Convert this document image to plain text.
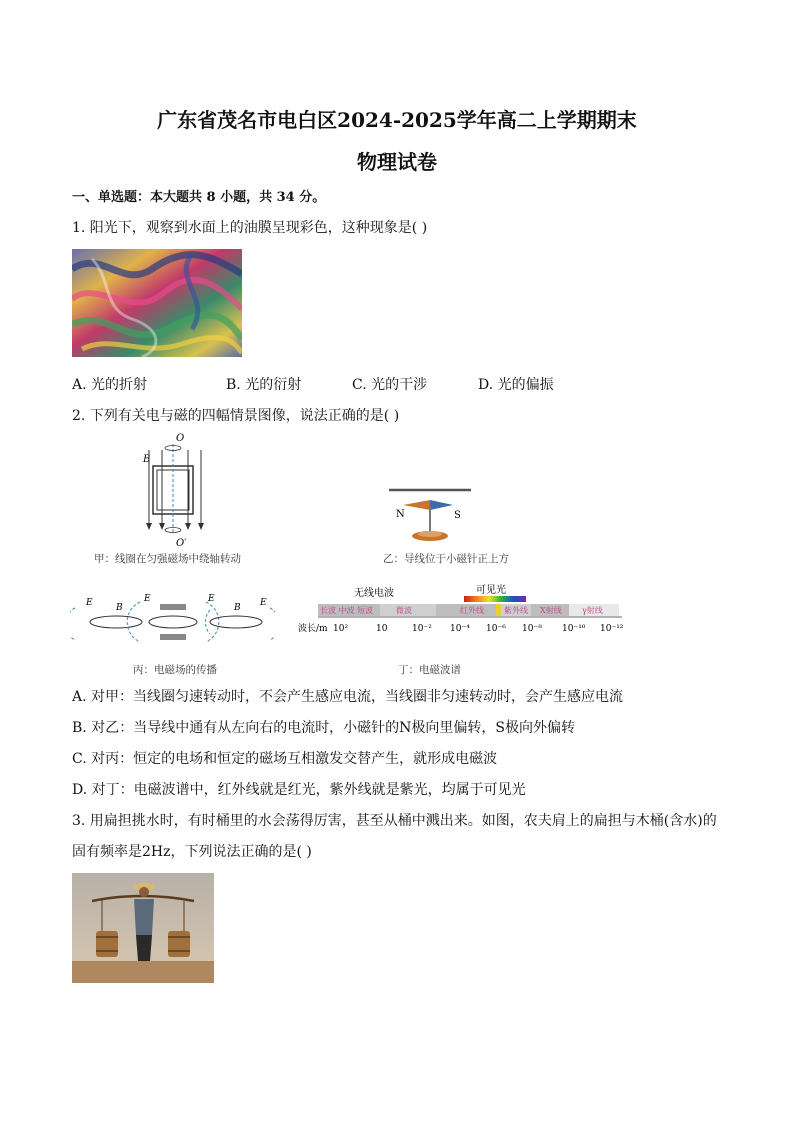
广东省茂名市电白区2024-2025学年高二上学期期末
物理试卷
一、单选题：本大题共 8 小题，共 34 分。
1. 阳光下，观察到水面上的油膜呈现彩色，这种现象是( )
A. 光的折射	B. 光的衍射	C. 光的干涉	D. 光的偏振
2. 下列有关电与磁的四幅情景图像，说法正确的是( )
O
B
O′
甲：线圈在匀强磁场中绕轴转动
N	S
乙：导线位于小磁针正上方
E	B
E	E
B E
丙：电磁场的传播
无线电波	可见光
长波 中波 短波	微波	红外线	紫外线 X射线	γ射线
波长/m 10²	10	10⁻² 10⁻⁴ 10⁻⁶ 10⁻⁸ 10⁻¹⁰ 10⁻¹²
丁：电磁波谱
A. 对甲：当线圈匀速转动时，不会产生感应电流，当线圈非匀速转动时，会产生感应电流
B. 对乙：当导线中通有从左向右的电流时，小磁针的N极向里偏转，S极向外偏转
C. 对丙：恒定的电场和恒定的磁场互相激发交替产生，就形成电磁波
D. 对丁：电磁波谱中，红外线就是红光，紫外线就是紫光，均属于可见光
3. 用扁担挑水时，有时桶里的水会荡得厉害，甚至从桶中溅出来。如图，农夫肩上的扁担与木桶(含水)的
固有频率是2Hz，下列说法正确的是( )
